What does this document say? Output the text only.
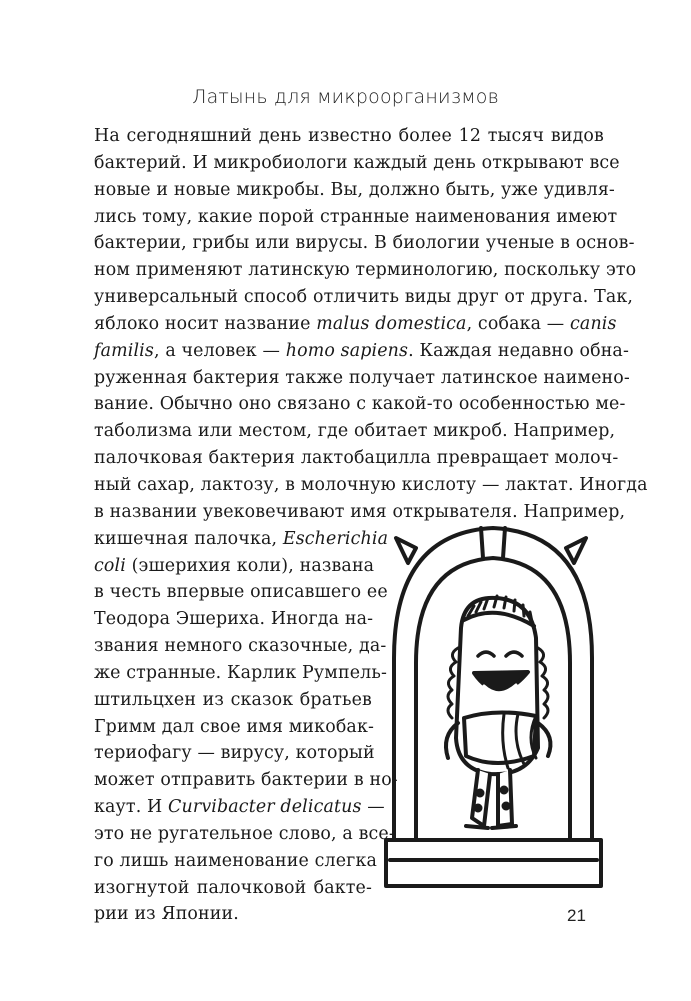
Латынь для микроорганизмов
На сегодняшний день известно более 12 тысяч видов
бактерий. И микробиологи каждый день открывают все
новые и новые микробы. Вы, должно быть, уже удивля-
лись тому, какие порой странные наименования имеют
бактерии, грибы или вирусы. В биологии ученые в основ-
ном применяют латинскую терминологию, поскольку это
универсальный способ отличить виды друг от друга. Так,
яблоко носит название malus domestica, собака — canis
familis, а человек — homo sapiens. Каждая недавно обна-
руженная бактерия также получает латинское наимено-
вание. Обычно оно связано с какой-то особенностью ме-
таболизма или местом, где обитает микроб. Например,
палочковая бактерия лактобацилла превращает молоч-
ный сахар, лактозу, в молочную кислоту — лактат. Иногда
в названии увековечивают имя открывателя. Например,
кишечная палочка, Escherichia
coli (эшерихия коли), названа
в честь впервые описавшего ее
Теодора Эшериха. Иногда на-
звания немного сказочные, да-
же странные. Карлик Румпель-
штильцхен из сказок братьев
Гримм дал свое имя микобак-
териофагу — вирусу, который
может отправить бактерии в но-
каут. И Curvibacter delicatus —
это не ругательное слово, а все-
го лишь наименование слегка
изогнутой палочковой бакте-
рии из Японии.	21
